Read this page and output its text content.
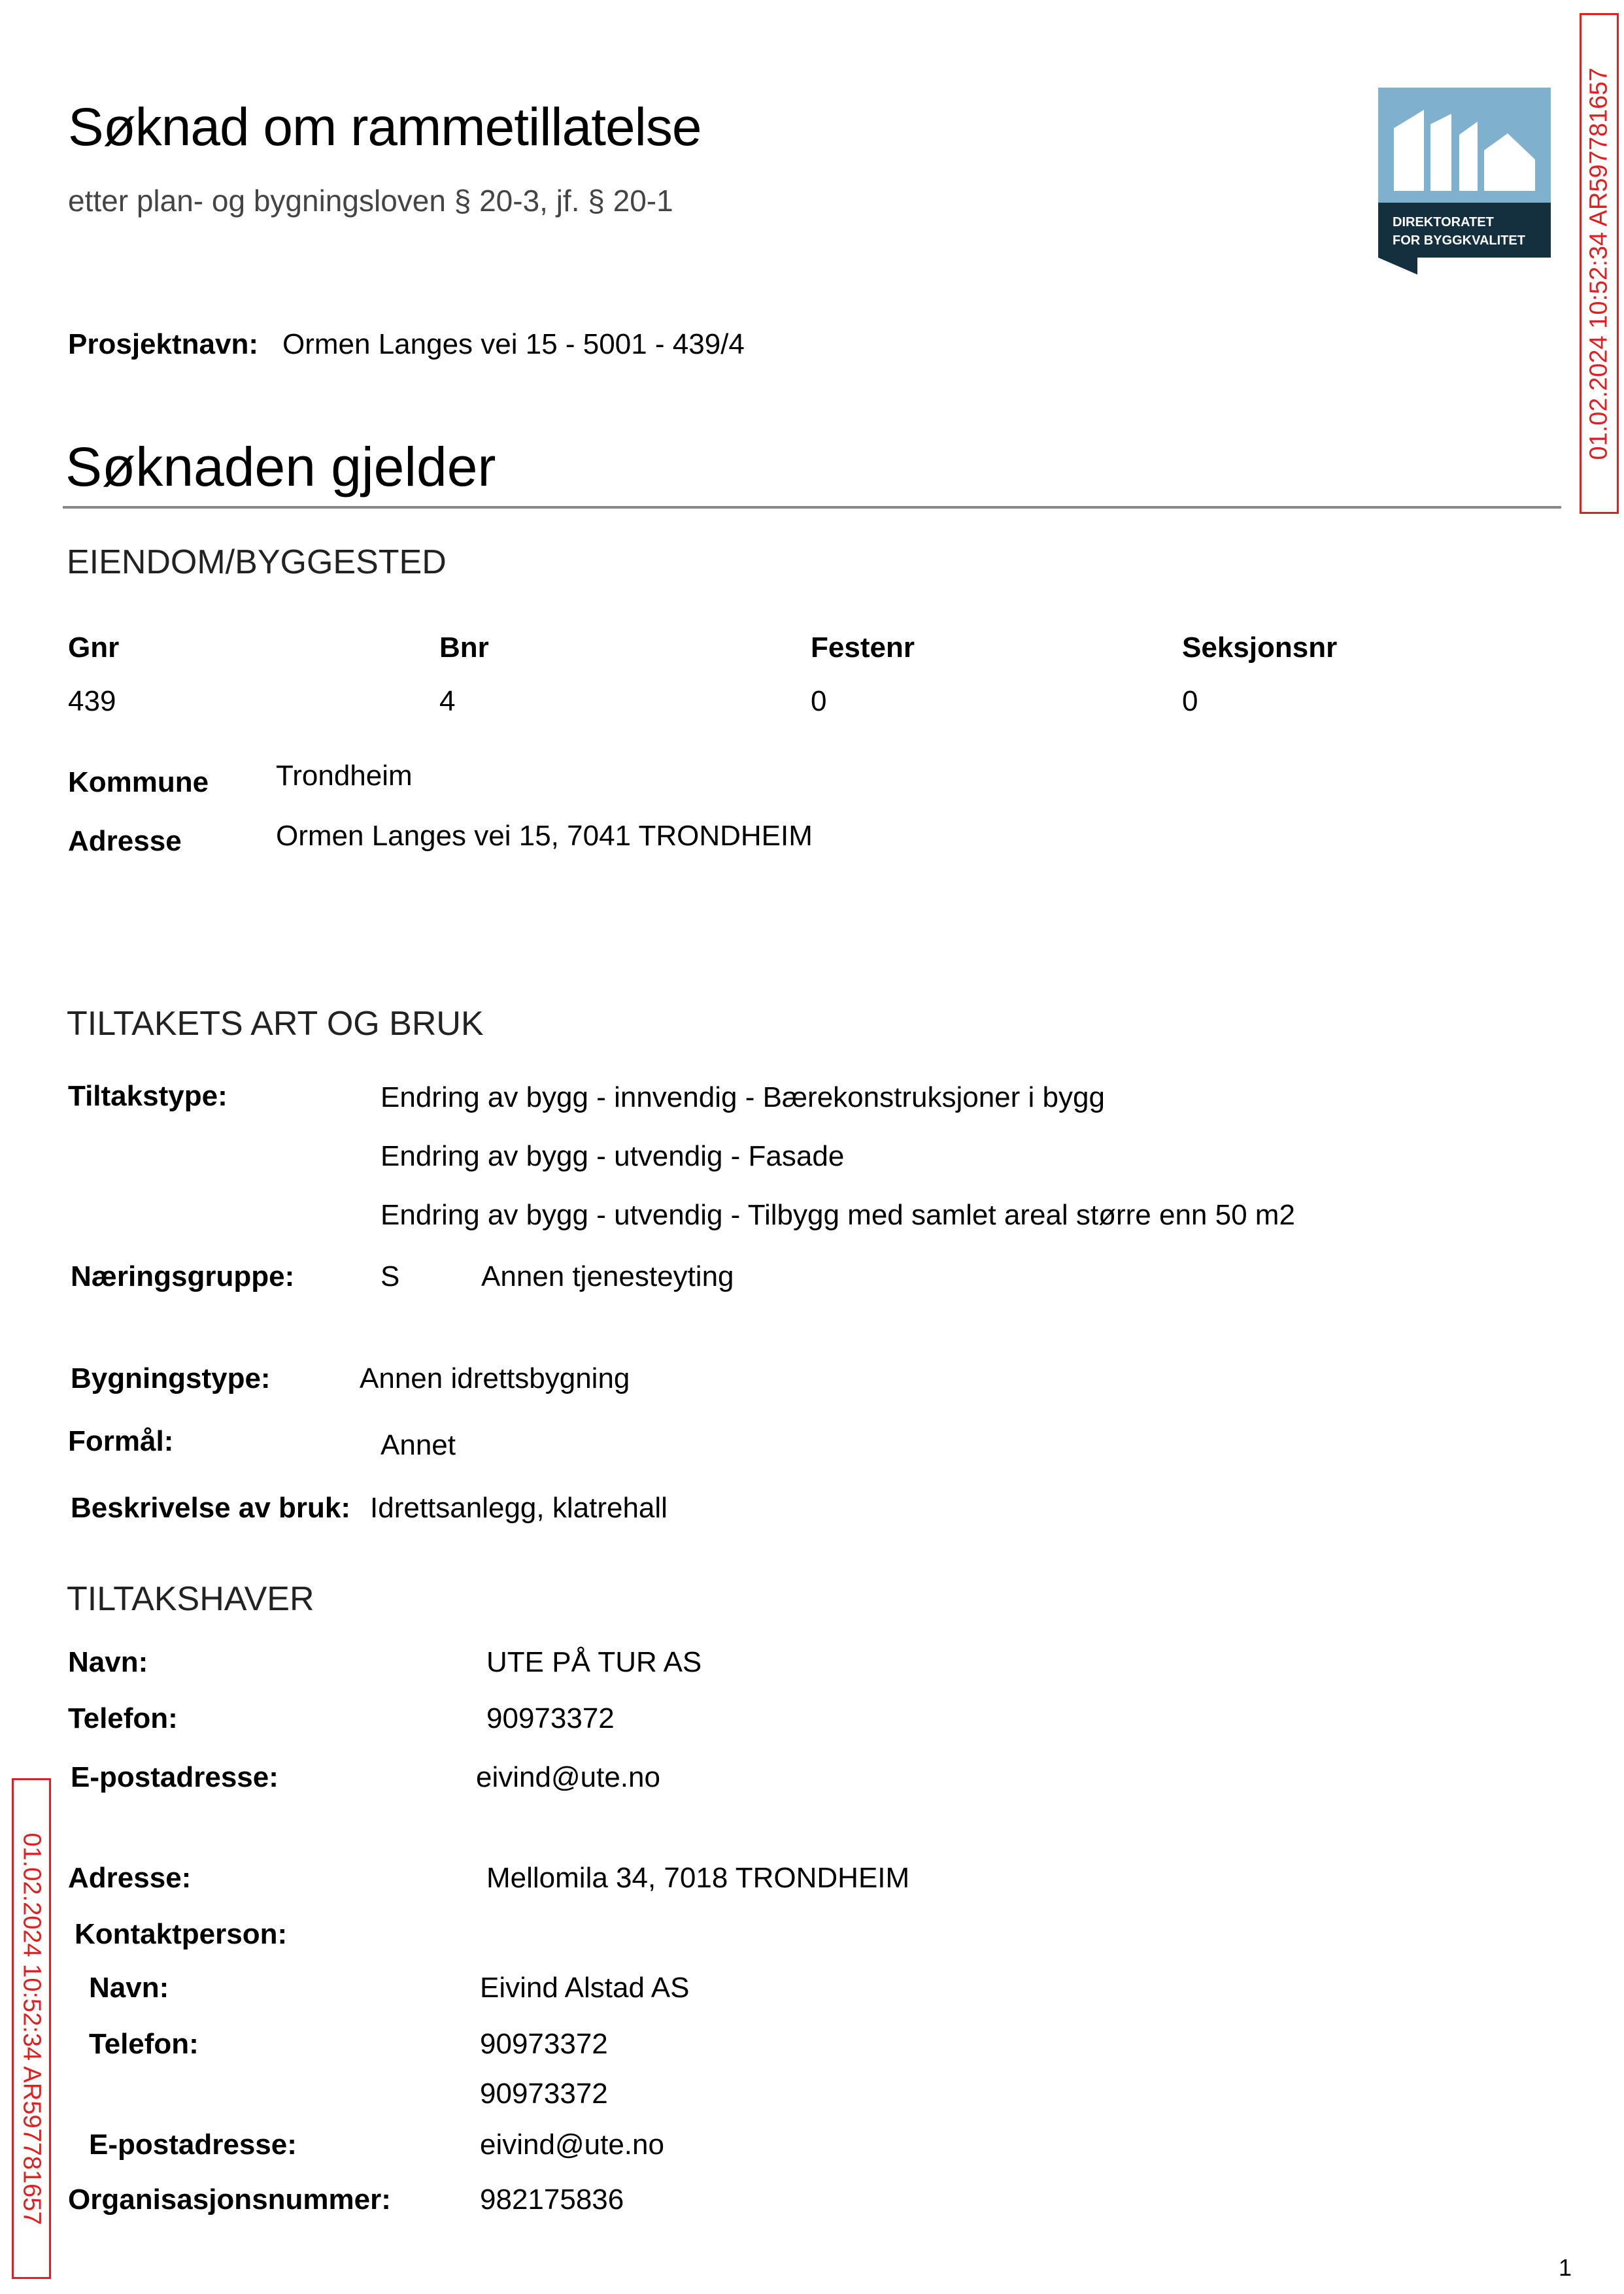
Søknad om rammetillatelse
etter plan- og bygningsloven § 20-3, jf. § 20-1
DIREKTORATET
FOR BYGGKVALITET 01.02.2024 10:52:34 AR597781657
01.02.2024 10:52:34 AR597781657
Prosjektnavn: Ormen Langes vei 15 - 5001 - 439/4
Søknaden gjelder
EIENDOM/BYGGESTED
Gnr	Bnr	Festenr	Seksjonsnr
439	4	0	0
Kommune Trondheim
Adresse	Ormen Langes vei 15, 7041 TRONDHEIM
TILTAKETS ART OG BRUK
Tiltakstype:	Endring av bygg - innvendig - Bærekonstruksjoner i bygg
Endring av bygg - utvendig - Fasade
Endring av bygg - utvendig - Tilbygg med samlet areal større enn 50 m2
Næringsgruppe:	S	Annen tjenesteyting
Bygningstype:	Annen idrettsbygning
Formål:	Annet
Beskrivelse av bruk: Idrettsanlegg, klatrehall
TILTAKSHAVER
Navn:	UTE PÅ TUR AS
Telefon:	90973372
E-postadresse:	eivind@ute.no
Adresse:	Mellomila 34, 7018 TRONDHEIM
Kontaktperson:
Navn:	Eivind Alstad AS
Telefon:	90973372
90973372
E-postadresse:	eivind@ute.no
Organisasjonsnummer:	982175836
1
